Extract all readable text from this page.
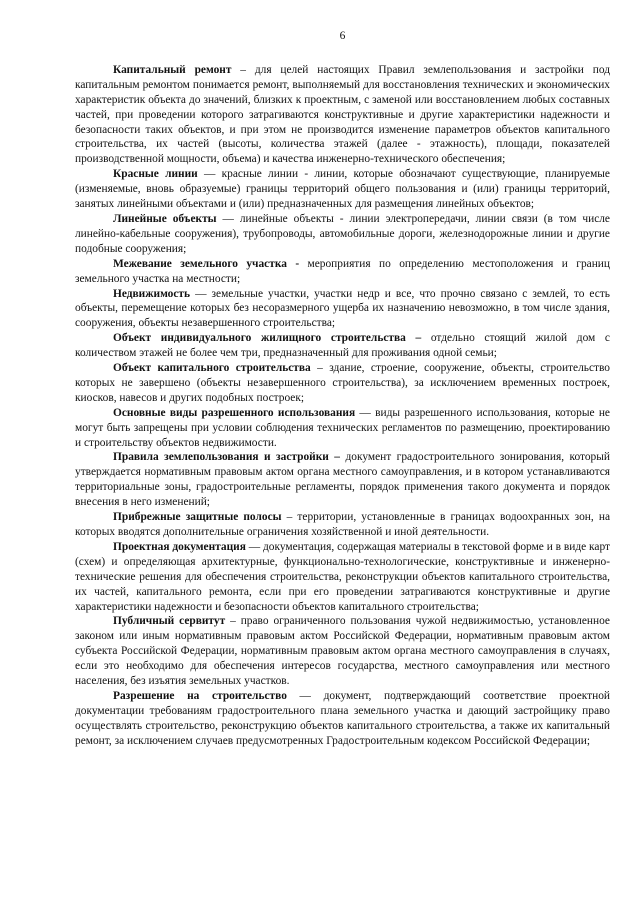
6

Капитальный ремонт – для целей настоящих Правил землепользования и застройки под капитальным ремонтом понимается ремонт, выполняемый для восстановления технических и экономических характеристик объекта до значений, близких к проектным, с заменой или восстановлением любых составных частей, при проведении которого затрагиваются конструктивные и другие характеристики надежности и безопасности таких объектов, и при этом не производится изменение параметров объектов капитального строительства, их частей (высоты, количества этажей (далее - этажность), площади, показателей производственной мощности, объема) и качества инженерно-технического обеспечения;

Красные линии — красные линии - линии, которые обозначают существующие, планируемые (изменяемые, вновь образуемые) границы территорий общего пользования и (или) границы территорий, занятых линейными объектами и (или) предназначенных для размещения линейных объектов;

Линейные объекты — линейные объекты - линии электропередачи, линии связи (в том числе линейно-кабельные сооружения), трубопроводы, автомобильные дороги, железнодорожные линии и другие подобные сооружения;

Межевание земельного участка - мероприятия по определению местоположения и границ земельного участка на местности;

Недвижимость — земельные участки, участки недр и все, что прочно связано с землей, то есть объекты, перемещение которых без несоразмерного ущерба их назначению невозможно, в том числе здания, сооружения, объекты незавершенного строительства;

Объект индивидуального жилищного строительства – отдельно стоящий жилой дом с количеством этажей не более чем три, предназначенный для проживания одной семьи;

Объект капитального строительства – здание, строение, сооружение, объекты, строительство которых не завершено (объекты незавершенного строительства), за исключением временных построек, киосков, навесов и других подобных построек;

Основные виды разрешенного использования — виды разрешенного использования, которые не могут быть запрещены при условии соблюдения технических регламентов по размещению, проектированию и строительству объектов недвижимости.

Правила землепользования и застройки – документ градостроительного зонирования, который утверждается нормативным правовым актом органа местного самоуправления, и в котором устанавливаются территориальные зоны, градостроительные регламенты, порядок применения такого документа и порядок внесения в него изменений;

Прибрежные защитные полосы – территории, установленные в границах водоохранных зон, на которых вводятся дополнительные ограничения хозяйственной и иной деятельности.

Проектная документация — документация, содержащая материалы в текстовой форме и в виде карт (схем) и определяющая архитектурные, функционально-технологические, конструктивные и инженерно-технические решения для обеспечения строительства, реконструкции объектов капитального строительства, их частей, капитального ремонта, если при его проведении затрагиваются конструктивные и другие характеристики надежности и безопасности объектов капитального строительства;

Публичный сервитут – право ограниченного пользования чужой недвижимостью, установленное законом или иным нормативным правовым актом Российской Федерации, нормативным правовым актом субъекта Российской Федерации, нормативным правовым актом органа местного самоуправления в случаях, если это необходимо для обеспечения интересов государства, местного самоуправления или местного населения, без изъятия земельных участков.

Разрешение на строительство — документ, подтверждающий соответствие проектной документации требованиям градостроительного плана земельного участка и дающий застройщику право осуществлять строительство, реконструкцию объектов капитального строительства, а также их капитальный ремонт, за исключением случаев предусмотренных Градостроительным кодексом Российской Федерации;
